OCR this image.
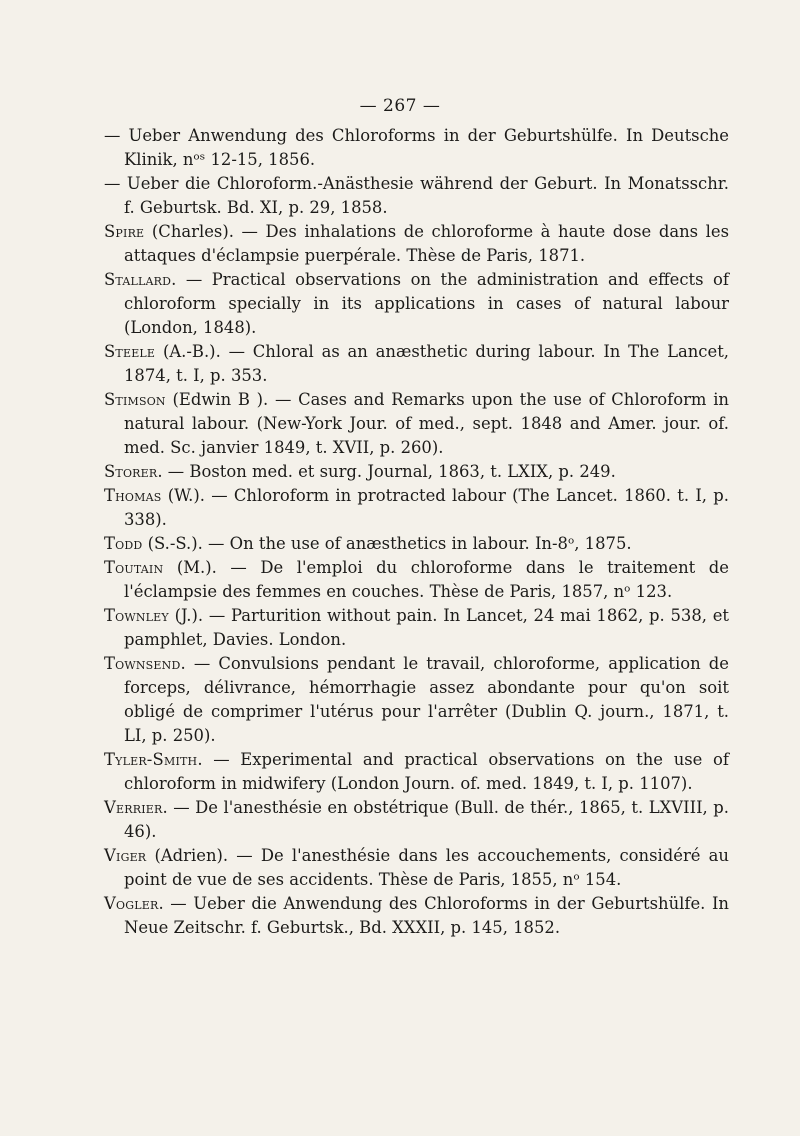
— 267 —

— Ueber Anwendung des Chloroforms in der Geburtshülfe. In Deutsche Klinik, nᵒˢ 12-15, 1856.

— Ueber die Chloroform.-Anästhesie während der Geburt. In Monatsschr. f. Geburtsk. Bd. XI, p. 29, 1858.

Spire (Charles). — Des inhalations de chloroforme à haute dose dans les attaques d'éclampsie puerpérale. Thèse de Paris, 1871.

Stallard. — Practical observations on the administration and effects of chloroform specially in its applications in cases of natural labour (London, 1848).

Steele (A.-B.). — Chloral as an anæsthetic during labour. In The Lancet, 1874, t. I, p. 353.

Stimson (Edwin B ). — Cases and Remarks upon the use of Chloroform in natural labour. (New-York Jour. of med., sept. 1848 and Amer. jour. of. med. Sc. janvier 1849, t. XVII, p. 260).

Storer. — Boston med. et surg. Journal, 1863, t. LXIX, p. 249.

Thomas (W.). — Chloroform in protracted labour (The Lancet. 1860. t. I, p. 338).

Todd (S.-S.). — On the use of anæsthetics in labour. In-8ᵒ, 1875.

Toutain (M.). — De l'emploi du chloroforme dans le traitement de l'éclampsie des femmes en couches. Thèse de Paris, 1857, nᵒ 123.

Townley (J.). — Parturition without pain. In Lancet, 24 mai 1862, p. 538, et pamphlet, Davies. London.

Townsend. — Convulsions pendant le travail, chloroforme, application de forceps, délivrance, hémorrhagie assez abondante pour qu'on soit obligé de comprimer l'utérus pour l'arrêter (Dublin Q. journ., 1871, t. LI, p. 250).

Tyler-Smith. — Experimental and practical observations on the use of chloroform in midwifery (London Journ. of. med. 1849, t. I, p. 1107).

Verrier. — De l'anesthésie en obstétrique (Bull. de thér., 1865, t. LXVIII, p. 46).

Viger (Adrien). — De l'anesthésie dans les accouchements, considéré au point de vue de ses accidents. Thèse de Paris, 1855, nᵒ 154.

Vogler. — Ueber die Anwendung des Chloroforms in der Geburtshülfe. In Neue Zeitschr. f. Geburtsk., Bd. XXXII, p. 145, 1852.
